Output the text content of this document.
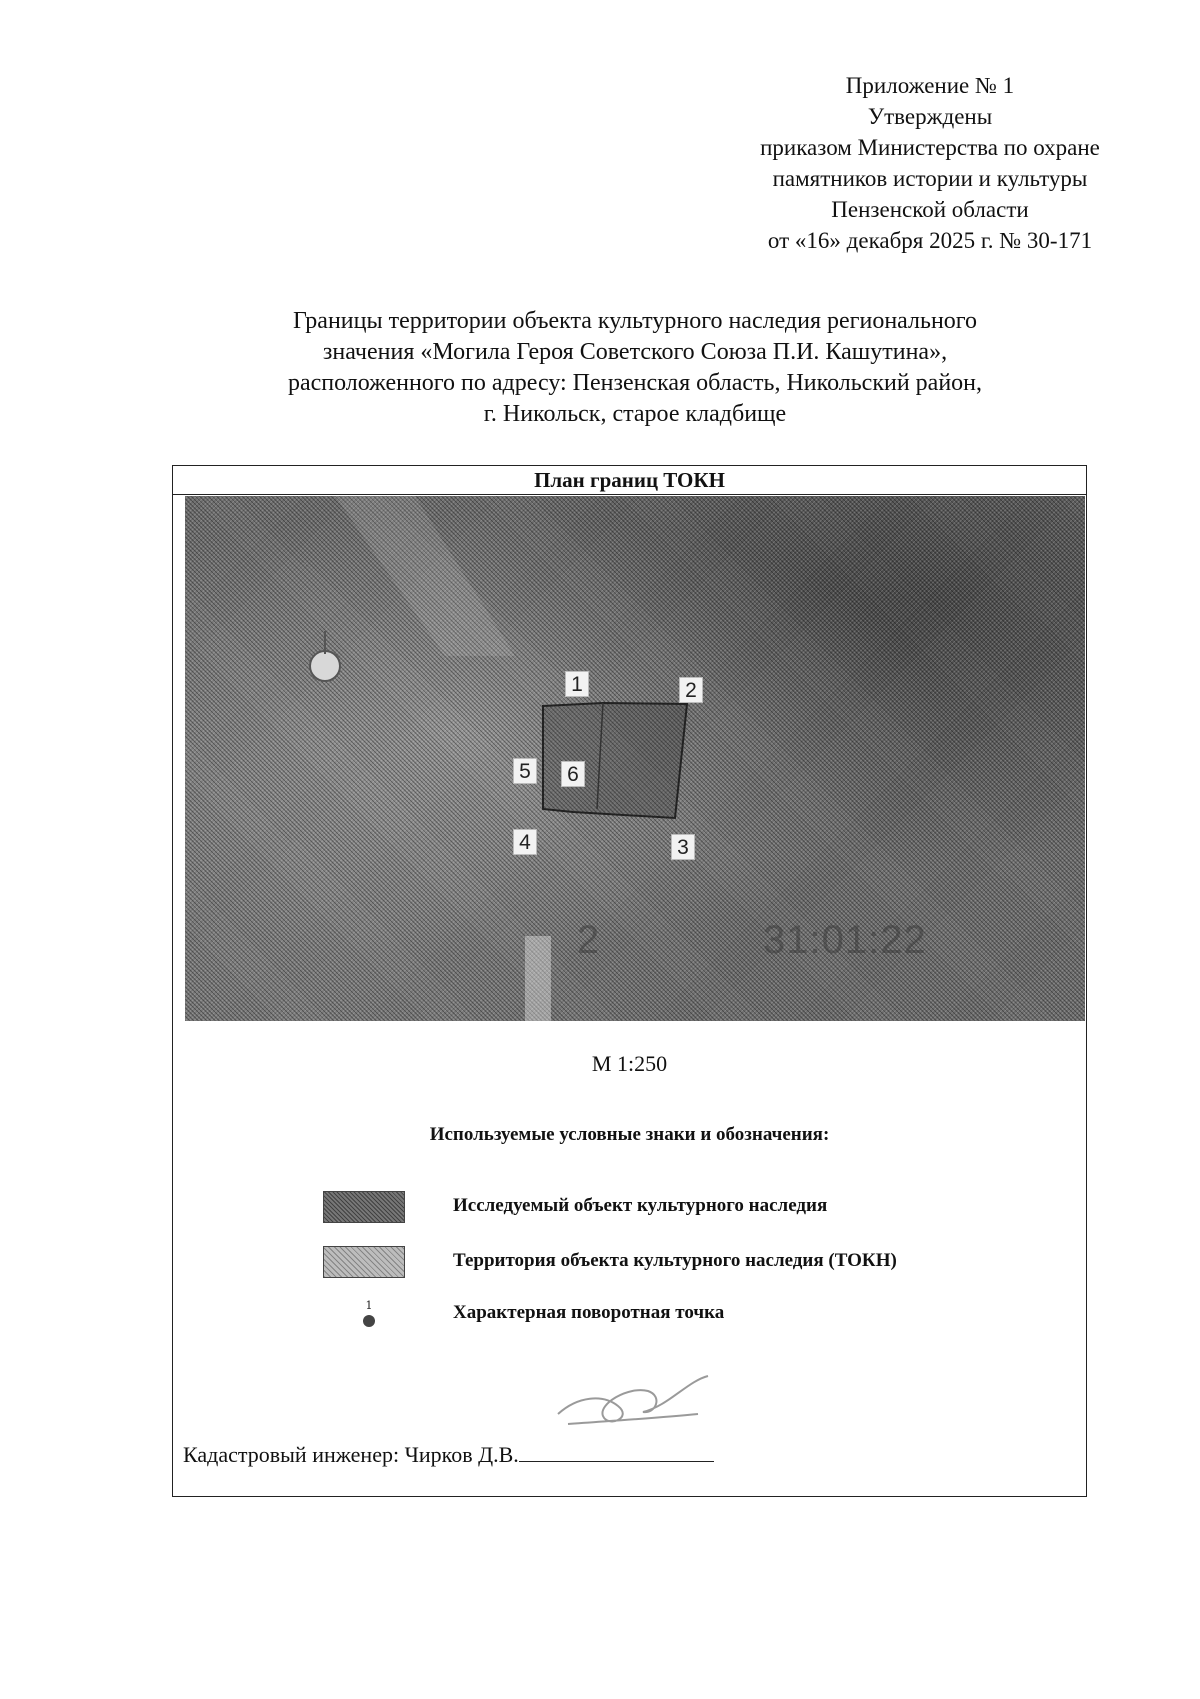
Приложение № 1
Утверждены
приказом Министерства по охране
памятников истории и культуры
Пензенской области
от «16» декабря 2025 г. № 30-171
Границы территории объекта культурного наследия регионального
значения «Могила Героя Советского Союза П.И. Кашутина»,
расположенного по адресу: Пензенская область, Никольский район,
г. Никольск, старое кладбище
План границ ТОКН
1	2
3
4
5 6
2	31:01:22
М 1:250
Используемые условные знаки и обозначения:
Исследуемый объект культурного наследия
Территория объекта культурного наследия (ТОКН)
1	Характерная поворотная точка
Кадастровый инженер: Чирков Д.В.
